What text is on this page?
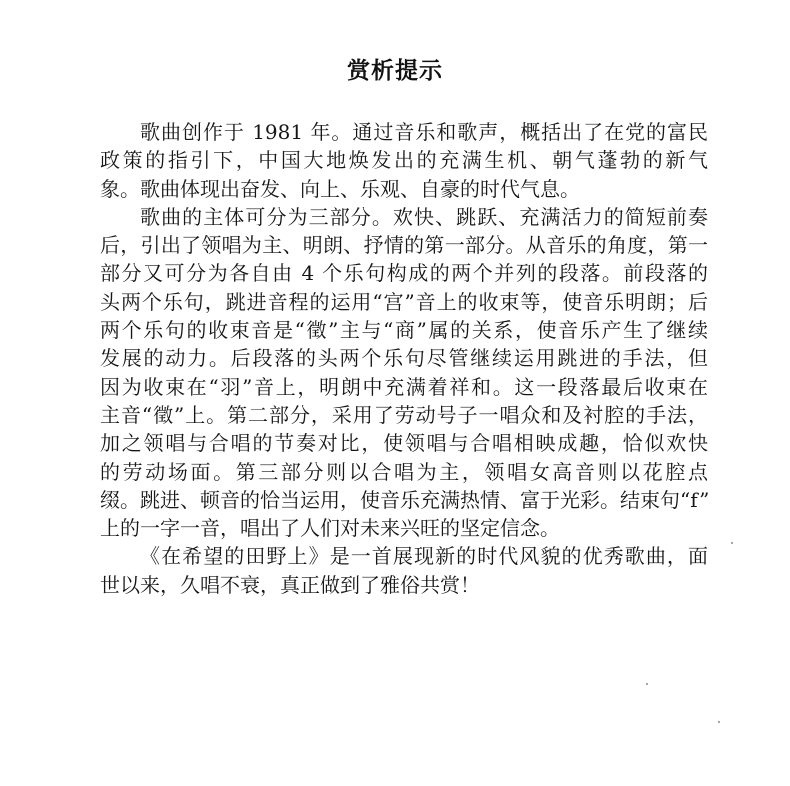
赏析提示
歌曲创作于 1981 年。通过音乐和歌声，概括出了在党的富民
政策的指引下，中国大地焕发出的充满生机、朝气蓬勃的新气
象。歌曲体现出奋发、向上、乐观、自豪的时代气息。
歌曲的主体可分为三部分。欢快、跳跃、充满活力的简短前奏
后，引出了领唱为主、明朗、抒情的第一部分。从音乐的角度，第一
部分又可分为各自由 4 个乐句构成的两个并列的段落。前段落的
头两个乐句，跳进音程的运用“宫”音上的收束等，使音乐明朗；后
两个乐句的收束音是“徵”主与“商”属的关系，使音乐产生了继续
发展的动力。后段落的头两个乐句尽管继续运用跳进的手法，但
因为收束在“羽”音上，明朗中充满着祥和。这一段落最后收束在
主音“徵”上。第二部分，采用了劳动号子一唱众和及衬腔的手法，
加之领唱与合唱的节奏对比，使领唱与合唱相映成趣，恰似欢快
的劳动场面。第三部分则以合唱为主，领唱女高音则以花腔点
缀。跳进、顿音的恰当运用，使音乐充满热情、富于光彩。结束句“f”
上的一字一音，唱出了人们对未来兴旺的坚定信念。
《在希望的田野上》是一首展现新的时代风貌的优秀歌曲，面
世以来，久唱不衰，真正做到了雅俗共赏！
